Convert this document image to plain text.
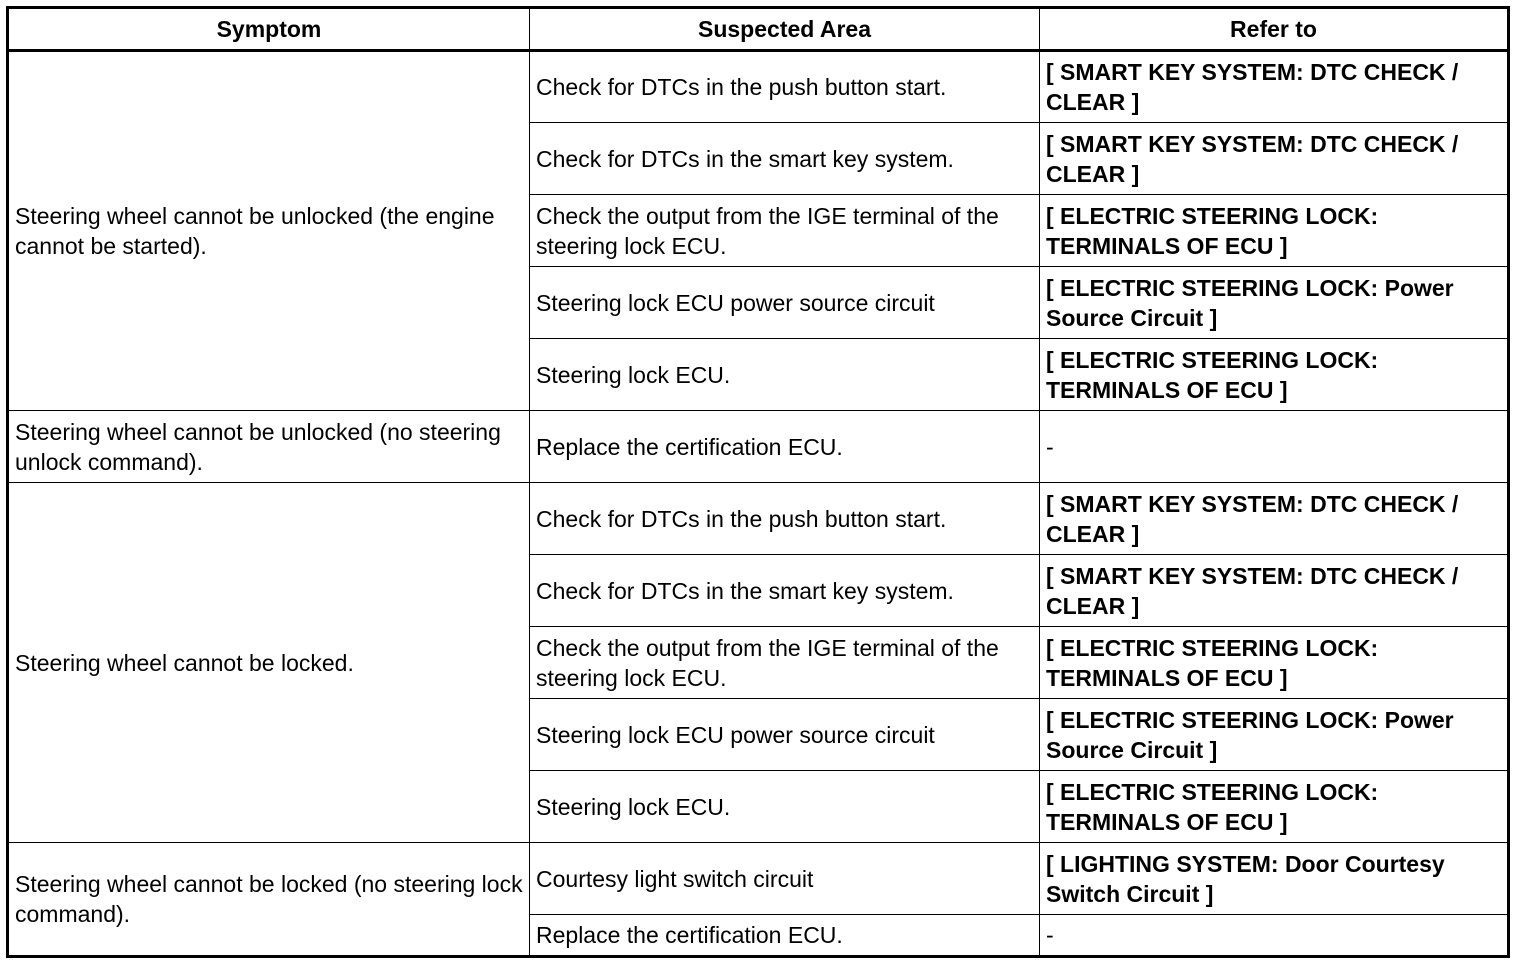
Symptom	Suspected Area	Refer to
Steering wheel cannot be unlocked (the engine cannot be started).	Check for DTCs in the push button start.	[ SMART KEY SYSTEM: DTC CHECK / CLEAR ]
	Check for DTCs in the smart key system.	[ SMART KEY SYSTEM: DTC CHECK / CLEAR ]
	Check the output from the IGE terminal of the steering lock ECU.	[ ELECTRIC STEERING LOCK: TERMINALS OF ECU ]
	Steering lock ECU power source circuit	[ ELECTRIC STEERING LOCK: Power Source Circuit ]
	Steering lock ECU.	[ ELECTRIC STEERING LOCK: TERMINALS OF ECU ]
Steering wheel cannot be unlocked (no steering unlock command).	Replace the certification ECU.	-
Steering wheel cannot be locked.	Check for DTCs in the push button start.	[ SMART KEY SYSTEM: DTC CHECK / CLEAR ]
	Check for DTCs in the smart key system.	[ SMART KEY SYSTEM: DTC CHECK / CLEAR ]
	Check the output from the IGE terminal of the steering lock ECU.	[ ELECTRIC STEERING LOCK: TERMINALS OF ECU ]
	Steering lock ECU power source circuit	[ ELECTRIC STEERING LOCK: Power Source Circuit ]
	Steering lock ECU.	[ ELECTRIC STEERING LOCK: TERMINALS OF ECU ]
Steering wheel cannot be locked (no steering lock command).	Courtesy light switch circuit	[ LIGHTING SYSTEM: Door Courtesy Switch Circuit ]
	Replace the certification ECU.	-
